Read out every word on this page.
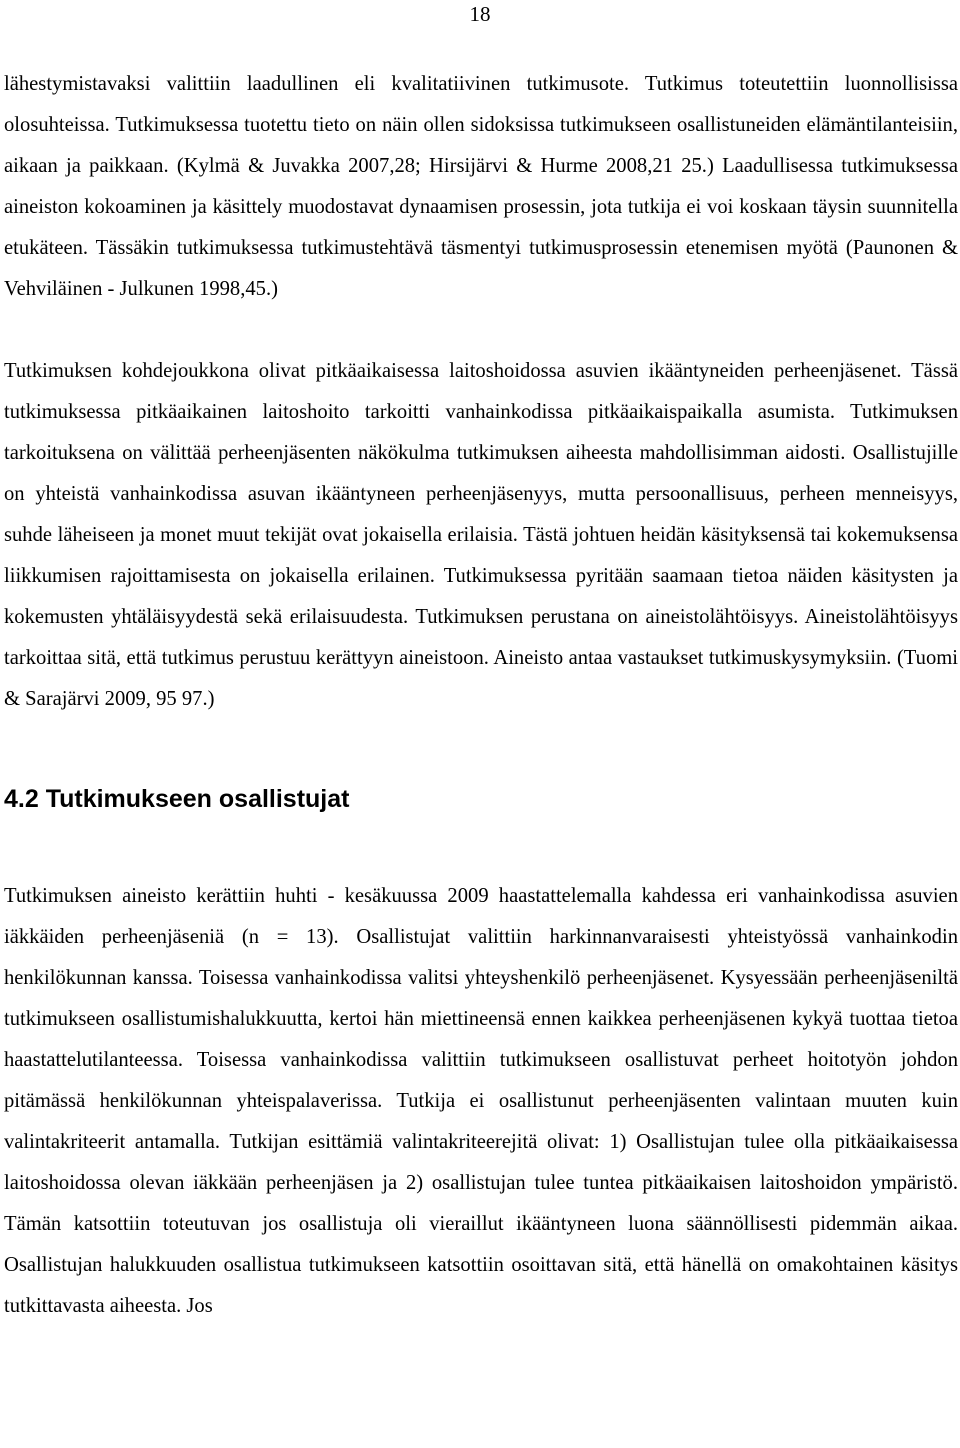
18

lähestymistavaksi valittiin laadullinen eli kvalitatiivinen tutkimusote. Tutkimus toteutettiin luonnollisissa olosuhteissa. Tutkimuksessa tuotettu tieto on näin ollen sidoksissa tutkimukseen osallistuneiden elämäntilanteisiin, aikaan ja paikkaan. (Kylmä & Juvakka 2007,28; Hirsijärvi & Hurme 2008,21 25.) Laadullisessa tutkimuksessa aineiston kokoaminen ja käsittely muodostavat dynaamisen prosessin, jota tutkija ei voi koskaan täysin suunnitella etukäteen. Tässäkin tutkimuksessa tutkimustehtävä täsmentyi tutkimusprosessin etenemisen myötä (Paunonen & Vehviläinen - Julkunen 1998,45.)

Tutkimuksen kohdejoukkona olivat pitkäaikaisessa laitoshoidossa asuvien ikääntyneiden perheenjäsenet. Tässä tutkimuksessa pitkäaikainen laitoshoito tarkoitti vanhainkodissa pitkäaikaispaikalla asumista. Tutkimuksen tarkoituksena on välittää perheenjäsenten näkökulma tutkimuksen aiheesta mahdollisimman aidosti. Osallistujille on yhteistä vanhainkodissa asuvan ikääntyneen perheenjäsenyys, mutta persoonallisuus, perheen menneisyys, suhde läheiseen ja monet muut tekijät ovat jokaisella erilaisia. Tästä johtuen heidän käsityksensä tai kokemuksensa liikkumisen rajoittamisesta on jokaisella erilainen. Tutkimuksessa pyritään saamaan tietoa näiden käsitysten ja kokemusten yhtäläisyydestä sekä erilaisuudesta. Tutkimuksen perustana on aineistolähtöisyys. Aineistolähtöisyys tarkoittaa sitä, että tutkimus perustuu kerättyyn aineistoon. Aineisto antaa vastaukset tutkimuskysymyksiin. (Tuomi & Sarajärvi 2009, 95 97.)

4.2 Tutkimukseen osallistujat

Tutkimuksen aineisto kerättiin huhti - kesäkuussa 2009 haastattelemalla kahdessa eri vanhainkodissa asuvien iäkkäiden perheenjäseniä (n = 13). Osallistujat valittiin harkinnanvaraisesti yhteistyössä vanhainkodin henkilökunnan kanssa. Toisessa vanhainkodissa valitsi yhteyshenkilö perheenjäsenet. Kysyessään perheenjäseniltä tutkimukseen osallistumishalukkuutta, kertoi hän miettineensä ennen kaikkea perheenjäsenen kykyä tuottaa tietoa haastattelutilanteessa. Toisessa vanhainkodissa valittiin tutkimukseen osallistuvat perheet hoitotyön johdon pitämässä henkilökunnan yhteispalaverissa. Tutkija ei osallistunut perheenjäsenten valintaan muuten kuin valintakriteerit antamalla. Tutkijan esittämiä valintakriteerejitä olivat: 1) Osallistujan tulee olla pitkäaikaisessa laitoshoidossa olevan iäkkään perheenjäsen ja 2) osallistujan tulee tuntea pitkäaikaisen laitoshoidon ympäristö. Tämän katsottiin toteutuvan jos osallistuja oli vieraillut ikääntyneen luona säännöllisesti pidemmän aikaa. Osallistujan halukkuuden osallistua tutkimukseen katsottiin osoittavan sitä, että hänellä on omakohtainen käsitys tutkittavasta aiheesta. Jos
